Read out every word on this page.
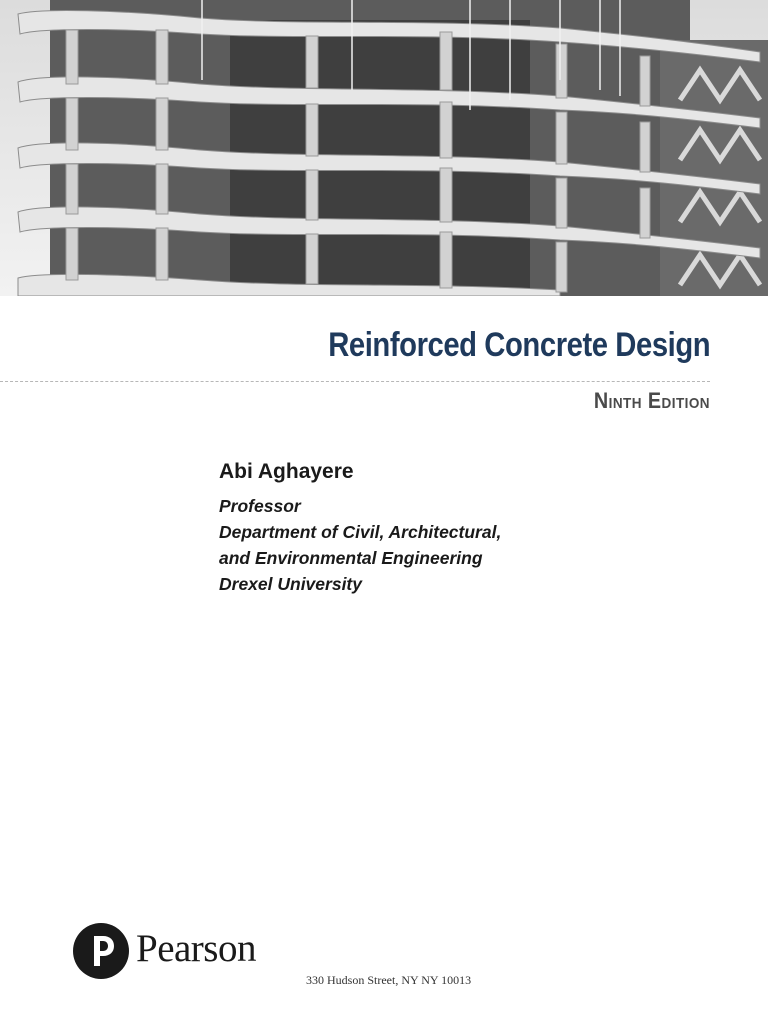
Reinforced Concrete Design
Ninth Edition

Abi Aghayere

Professor

Department of Civil, Architectural,

and Environmental Engineering

Drexel University

Pearson
330 Hudson Street, NY NY 10013
